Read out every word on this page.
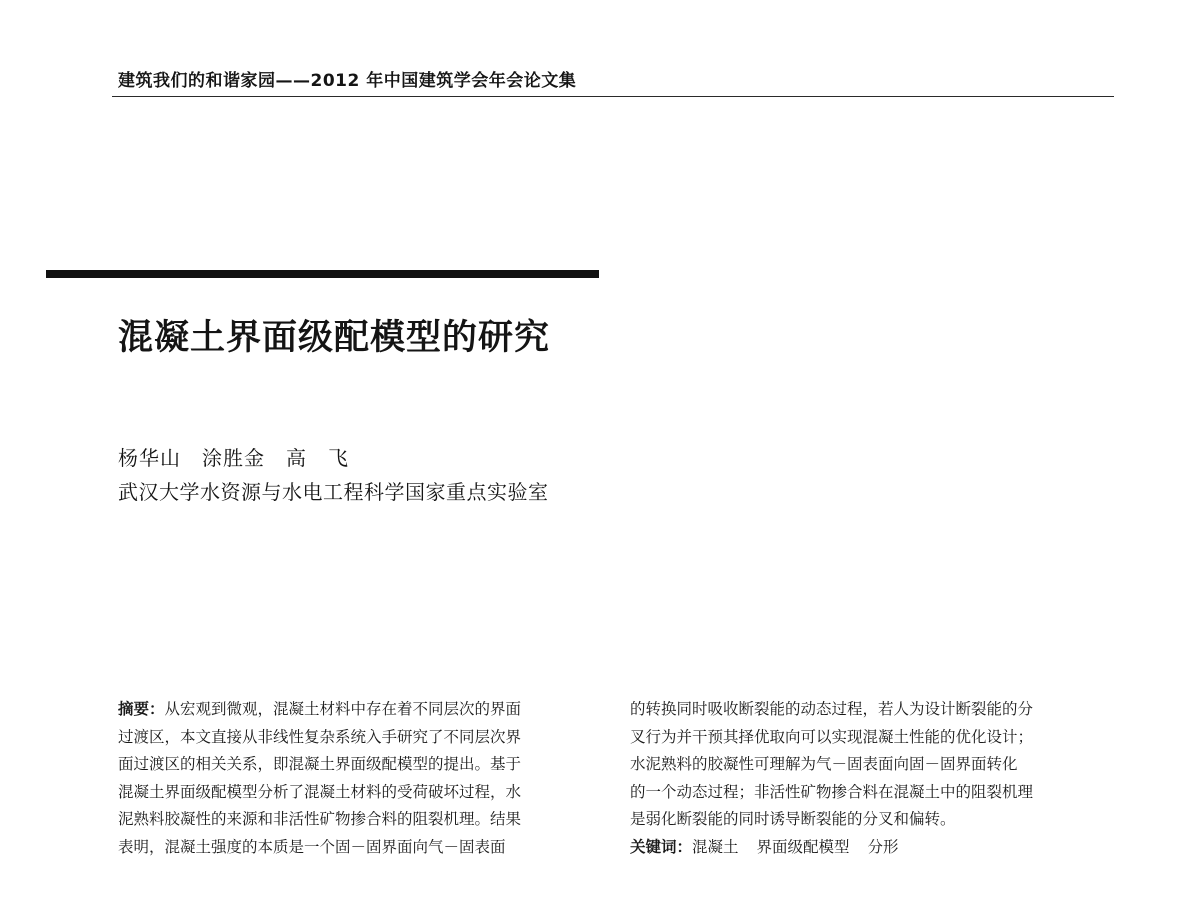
建筑我们的和谐家园——2012 年中国建筑学会年会论文集
混凝土界面级配模型的研究
杨华山　涂胜金　高　飞
武汉大学水资源与水电工程科学国家重点实验室
摘要：从宏观到微观，混凝土材料中存在着不同层次的界面
过渡区，本文直接从非线性复杂系统入手研究了不同层次界
面过渡区的相关关系，即混凝土界面级配模型的提出。基于
混凝土界面级配模型分析了混凝土材料的受荷破坏过程，水
泥熟料胶凝性的来源和非活性矿物掺合料的阻裂机理。结果
表明，混凝土强度的本质是一个固－固界面向气－固表面
的转换同时吸收断裂能的动态过程，若人为设计断裂能的分
叉行为并干预其择优取向可以实现混凝土性能的优化设计；
水泥熟料的胶凝性可理解为气－固表面向固－固界面转化
的一个动态过程；非活性矿物掺合料在混凝土中的阻裂机理
是弱化断裂能的同时诱导断裂能的分叉和偏转。
关键词：混凝土 界面级配模型 分形
